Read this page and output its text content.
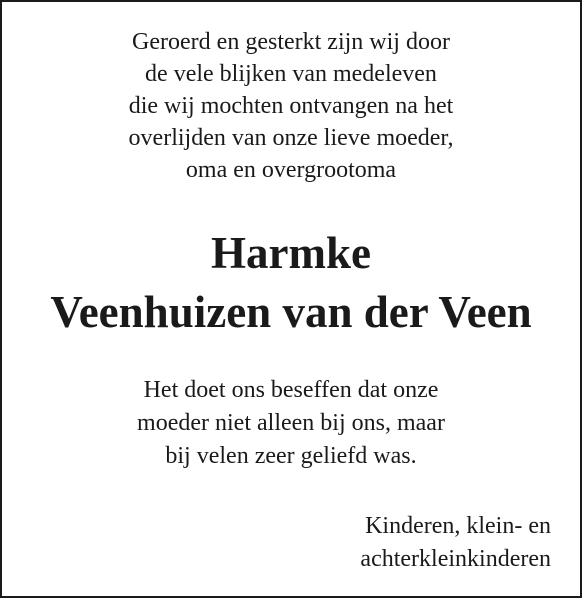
Geroerd en gesterkt zijn wij door
de vele blijken van medeleven
die wij mochten ontvangen na het
overlijden van onze lieve moeder,
oma en overgrootoma
Harmke
Veenhuizen van der Veen
Het doet ons beseffen dat onze
moeder niet alleen bij ons, maar
bij velen zeer geliefd was.
Kinderen, klein- en
achterkleinkinderen
